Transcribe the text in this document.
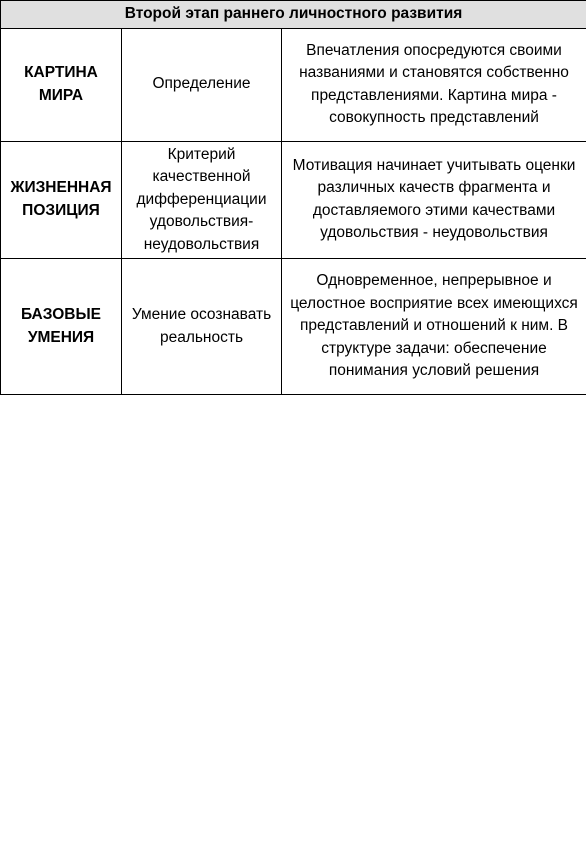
Второй этап раннего личностного развития		
КАРТИНА МИРА	Определение	Впечатления опосредуются своими названиями и становятся собственно представлениями. Картина мира - совокупность представлений
ЖИЗНЕННАЯ ПОЗИЦИЯ	Критерий качественной дифференциации удовольствия-неудовольствия	Мотивация начинает учитывать оценки различных качеств фрагмента и доставляемого этими качествами удовольствия - неудовольствия
БАЗОВЫЕ УМЕНИЯ	Умение осознавать реальность	Одновременное, непрерывное и целостное восприятие всех имеющихся представлений и отношений к ним. В структуре задачи: обеспечение понимания условий решения
